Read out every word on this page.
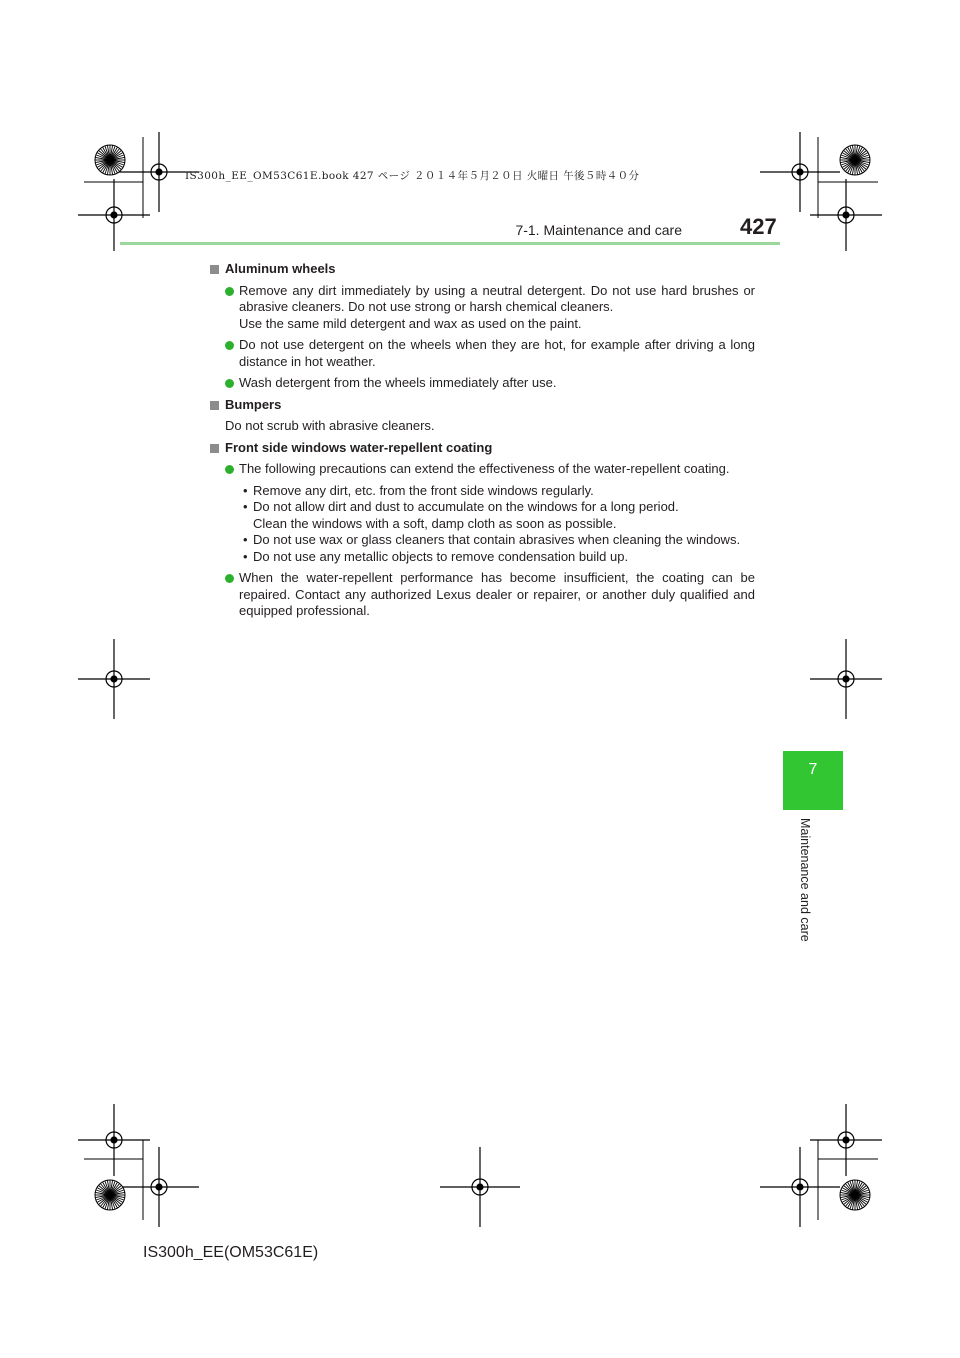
IS300h_EE_OM53C61E.book 427 ページ ２０１４年５月２０日 火曜日 午後５時４０分
7-1. Maintenance and care	427
Aluminum wheels
Remove any dirt immediately by using a neutral detergent. Do not use hard brushes or abrasive cleaners. Do not use strong or harsh chemical cleaners.
Use the same mild detergent and wax as used on the paint.
Do not use detergent on the wheels when they are hot, for example after driving a long distance in hot weather.
Wash detergent from the wheels immediately after use.
Bumpers
Do not scrub with abrasive cleaners.
Front side windows water-repellent coating
The following precautions can extend the effectiveness of the water-repellent coating.
• Remove any dirt, etc. from the front side windows regularly.
• Do not allow dirt and dust to accumulate on the windows for a long period.
Clean the windows with a soft, damp cloth as soon as possible.
• Do not use wax or glass cleaners that contain abrasives when cleaning the windows.
• Do not use any metallic objects to remove condensation build up.
When the water-repellent performance has become insufficient, the coating can be repaired. Contact any authorized Lexus dealer or repairer, or another duly qualified and equipped professional.
7
Maintenance and care
IS300h_EE(OM53C61E)
